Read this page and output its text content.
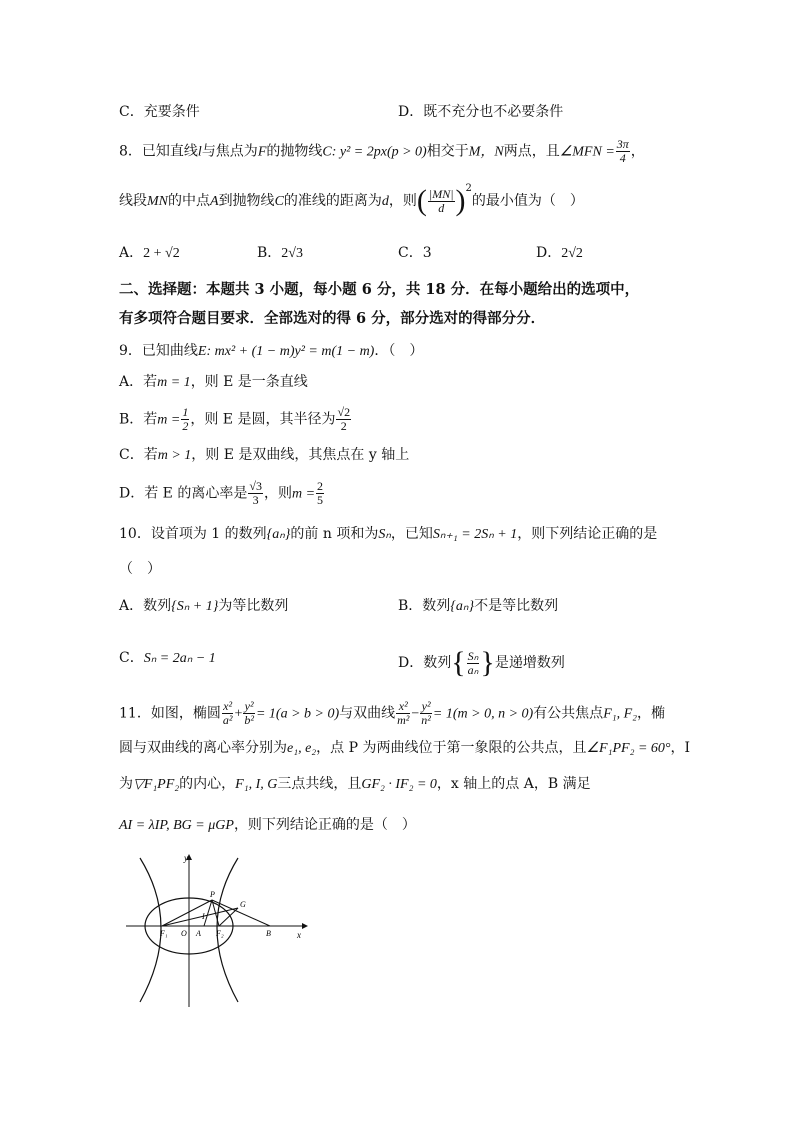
C．充要条件	D．既不充分也不必要条件
8．已知直线l与焦点为F的抛物线C: y² = 2px(p > 0)相交于M，N两点，且∠MFN = $\frac{3\pi}{4}$ ，
线段MN的中点A到抛物线C的准线的距离为d，则( $\frac{|MN|}{d} )^2$的最小值为（　）
A．2 + √2	B．2√3	C．3	D．2√2
二、选择题：本题共 3 小题，每小题 6 分，共 18 分．在每小题给出的选项中，
有多项符合题目要求．全部选对的得 6 分，部分选对的得部分分．
9．已知曲线E: mx² + (1 − m)y² = m(1 − m)．（　）
A．若m = 1，则 E 是一条直线
B．若$m = \frac{1}{2}$ ，则 E 是圆，其半径为 $\frac{√2}{2}$
C．若m > 1，则 E 是双曲线，其焦点在 y 轴上
D．若 E 的离心率是 $\frac{√3}{3}$ ，则$m = \frac{2}{5}$
10．设首项为 1 的数列{aₙ}的前 n 项和为Sₙ，已知Sₙ₊₁ = 2Sₙ + 1，则下列结论正确的是
（　）
A．数列{Sₙ + 1}为等比数列	B．数列{aₙ}不是等比数列
C．Sₙ = 2aₙ − 1	D．数列{ $\frac{\text{Sₙ}}{\text{aₙ}}$ }是递增数列
11．如图，椭圆 $\frac{\text{x²}}{\text{a²}} + \frac{\text{y²}}{\text{b²}} = 1(a > b > 0)$与双曲线 $\frac{\text{x²}}{\text{m²}} - \frac{\text{y²}}{\text{n²}} = 1(m > 0$, n > 0)有公共焦点F₁, F₂，椭
圆与双曲线的离心率分别为e₁, e₂，点 P 为两曲线位于第一象限的公共点，且∠F₁PF₂ = 60°，I
为▽F₁PF₂的内心，F₁, I, G三点共线，且GF₂ · IF₂ = 0，x 轴上的点 A，B 满足
AI = λIP, BG = μGP，则下列结论正确的是（　）
y
x
P
G
I
F₁ O A F₂	B
